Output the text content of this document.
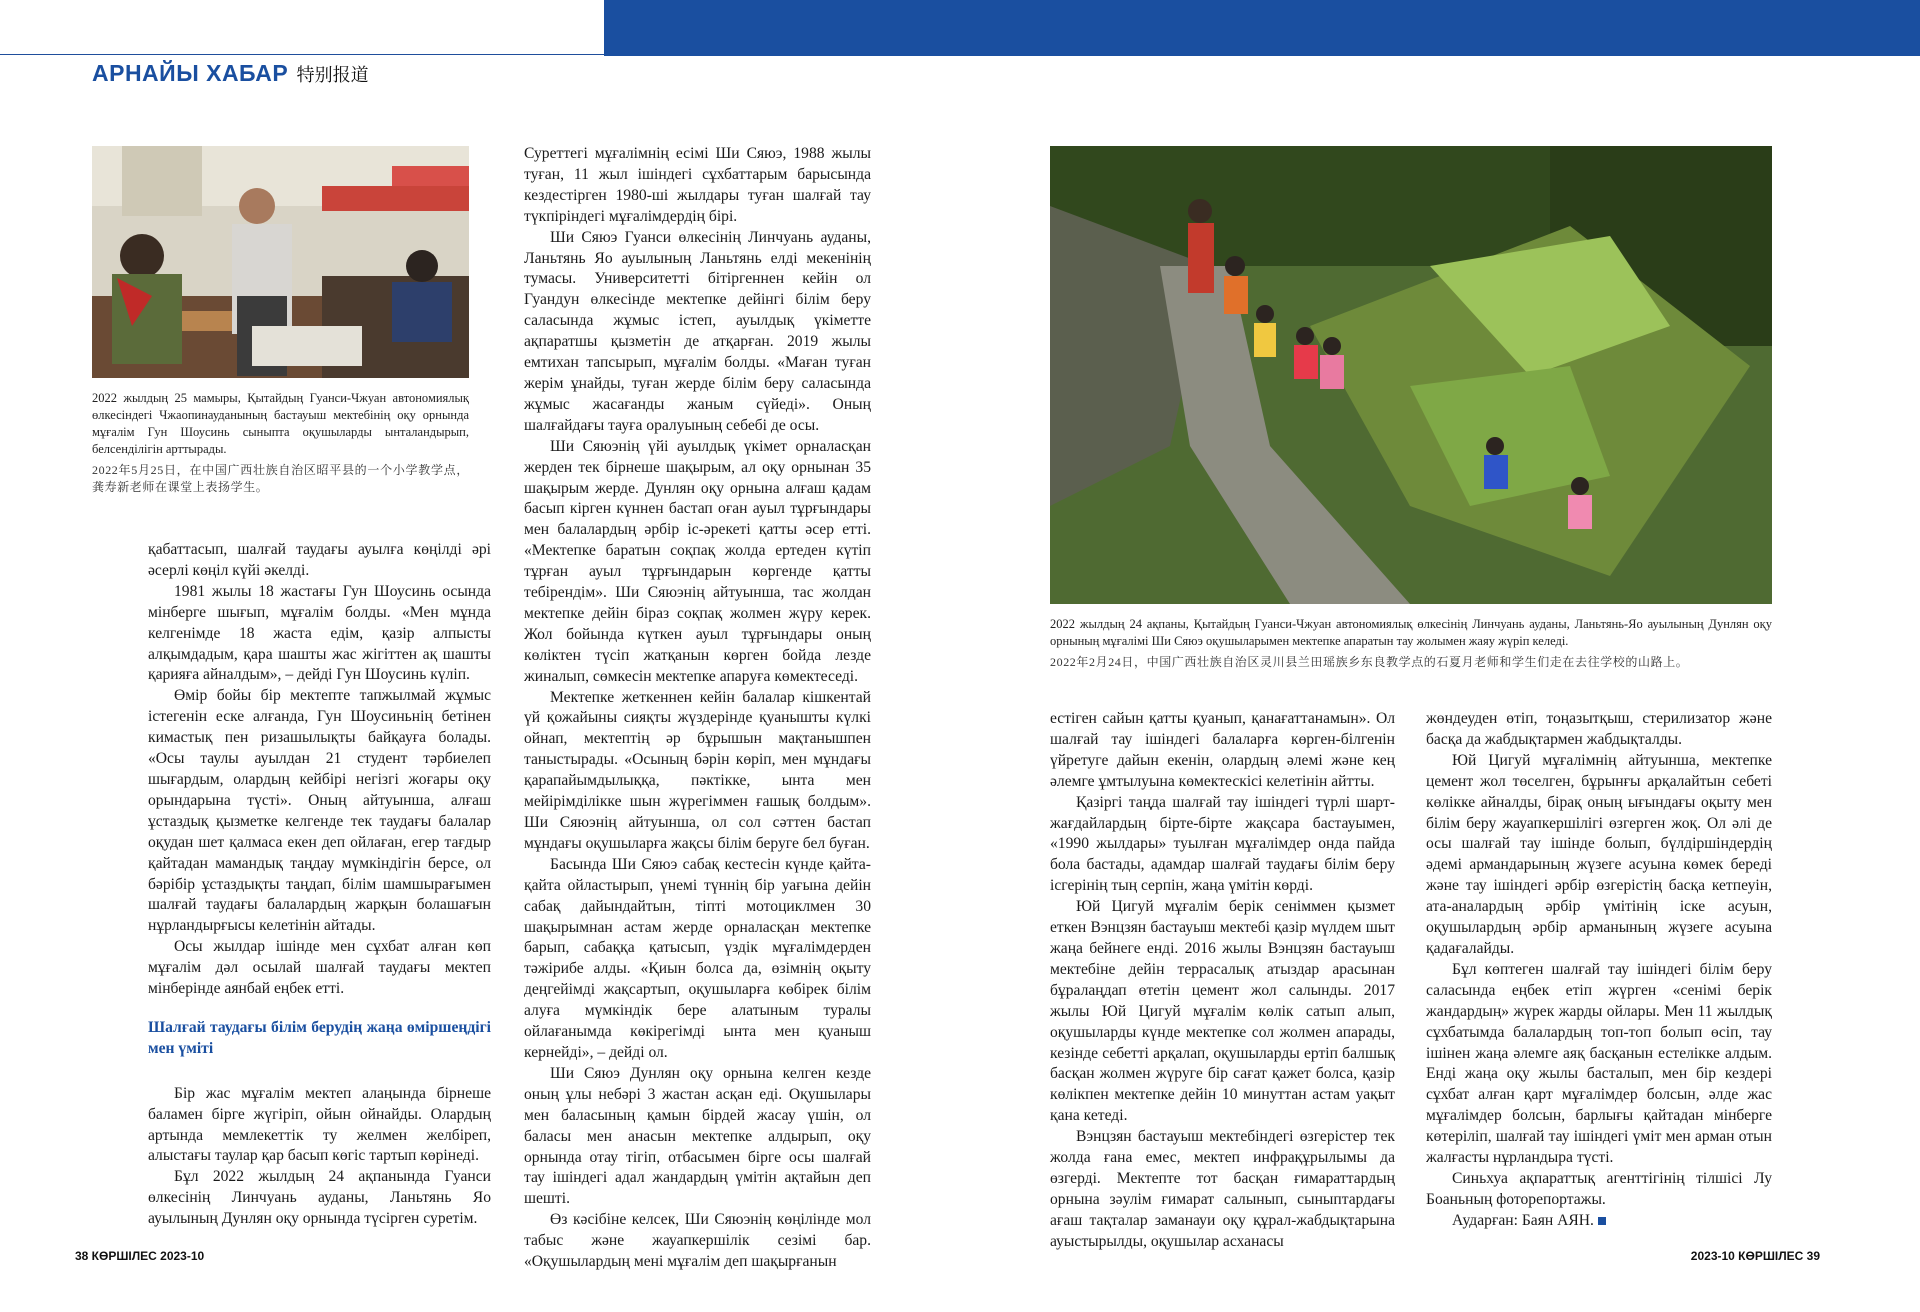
АРНАЙЫ ХАБАР 特别报道
2022 жылдың 25 мамыры, Қытайдың Гуанси-Чжуан автономиялық өлкесіндегі Чжаопинауданының бастауыш мектебінің оқу орнында мұғалім Гун Шоусинь сыныпта оқушыларды ынталандырып, белсенділігін арттырады.
2022年5月25日，在中国广西壮族自治区昭平县的一个小学教学点，龚寿新老师在课堂上表扬学生。
2022 жылдың 24 ақпаны, Қытайдың Гуанси-Чжуан автономиялық өлкесінің Линчуань ауданы, Ланьтянь-Яо ауылының Дунлян оқу орнының мұғалімі Ши Сяюэ оқушыларымен мектепке апаратын тау жолымен жаяу жүріп келеді.
2022年2月24日，中国广西壮族自治区灵川县兰田瑶族乡东良教学点的石夏月老师和学生们走在去往学校的山路上。

қабаттасып, шалғай таудағы ауылға көңілді әрі әсерлі көңіл күйі әкелді.

1981 жылы 18 жастағы Гун Шоусинь осында мінберге шығып, мұғалім болды. «Мен мұнда келгенімде 18 жаста едім, қазір алпысты алқымдадым, қара шашты жас жігіттен ақ шашты қарияға айналдым», – дейді Гун Шоусинь күліп.

Өмір бойы бір мектепте тапжылмай жұмыс істегенін еске алғанда, Гун Шоусиньнің бетінен кимастық пен ризашылықты байқауға болады. «Осы таулы ауылдан 21 студент тәрбиелеп шығардым, олардың кейбірі негізгі жоғары оқу орындарына түсті». Оның айтуынша, алғаш ұстаздық қызметке келгенде тек таудағы балалар оқудан шет қалмаса екен деп ойлаған, егер тағдыр қайтадан мамандық таңдау мүмкіндігін берсе, ол бәрібір ұстаздықты таңдап, білім шамшырағымен шалғай таудағы балалардың жарқын болашағын нұрландырғысы келетінін айтады.

Осы жылдар ішінде мен сұхбат алған көп мұғалім дәл осылай шалғай таудағы мектеп мінберінде аянбай еңбек етті.

Шалғай таудағы білім берудің жаңа өміршеңдігі мен үміті

Бір жас мұғалім мектеп алаңында бірнеше баламен бірге жүгіріп, ойын ойнайды. Олардың артында мемлекеттік ту желмен желбіреп, алыстағы таулар қар басып көгіс тартып көрінеді.

Бұл 2022 жылдың 24 ақпанында Гуанси өлкесінің Линчуань ауданы, Ланьтянь Яо ауылының Дунлян оқу орнында түсірген суретім.

Суреттегі мұғалімнің есімі Ши Сяюэ, 1988 жылы туған, 11 жыл ішіндегі сұхбаттарым барысында кездестірген 1980-ші жылдары туған шалғай тау түкпіріндегі мұғалімдердің бірі.

Ши Сяюэ Гуанси өлкесінің Линчуань ауданы, Ланьтянь Яо ауылының Ланьтянь елді мекенінің тумасы. Университетті бітіргеннен кейін ол Гуандун өлкесінде мектепке дейінгі білім беру саласында жұмыс істеп, ауылдық үкіметте ақпаратшы қызметін де атқарған. 2019 жылы емтихан тапсырып, мұғалім болды. «Маған туған жерім ұнайды, туған жерде білім беру саласында жұмыс жасағанды жаным сүйеді». Оның шалғайдағы тауға оралуының себебі де осы.

Ши Сяюэнің үйі ауылдық үкімет орналасқан жерден тек бірнеше шақырым, ал оқу орнынан 35 шақырым жерде. Дунлян оқу орнына алғаш қадам басып кірген күннен бастап оған ауыл тұрғындары мен балалардың әрбір іс-әрекеті қатты әсер етті. «Мектепке баратын соқпақ жолда ертеден күтіп тұрған ауыл тұрғындарын көргенде қатты тебірендім». Ши Сяюэнің айтуынша, тас жолдан мектепке дейін біраз соқпақ жолмен жүру керек. Жол бойында күткен ауыл тұрғындары оның көліктен түсіп жатқанын көрген бойда лезде жиналып, сөмкесін мектепке апаруға көмектеседі.

Мектепке жеткеннен кейін балалар кішкентай үй қожайыны сияқты жүздерінде қуанышты күлкі ойнап, мектептің әр бұрышын мақтанышпен таныстырады. «Осының бәрін көріп, мен мұндағы қарапайымдылыққа, пәктікке, ынта мен мейірімділікке шын жүрегіммен ғашық болдым». Ши Сяюэнің айтуынша, ол сол сәттен бастап мұндағы оқушыларға жақсы білім беруге бел буған.

Басында Ши Сяюэ сабақ кестесін күнде қайта-қайта ойластырып, үнемі түннің бір уағына дейін сабақ дайындайтын, тіпті мотоциклмен 30 шақырымнан астам жерде орналасқан мектепке барып, сабаққа қатысып, үздік мұғалімдерден тәжірибе алды. «Қиын болса да, өзімнің оқыту деңгейімді жақсартып, оқушыларға көбірек білім алуға мүмкіндік бере алатыным туралы ойлағанымда көкірегімді ынта мен қуаныш кернейді», – дейді ол.

Ши Сяюэ Дунлян оқу орнына келген кезде оның ұлы небәрі 3 жастан асқан еді. Оқушылары мен баласының қамын бірдей жасау үшін, ол баласы мен анасын мектепке алдырып, оқу орнында отау тігіп, отбасымен бірге осы шалғай тау ішіндегі адал жандардың үмітін ақтайын деп шешті.

Өз кәсібіне келсек, Ши Сяюэнің көңілінде мол табыс және жауапкершілік сезімі бар. «Оқушылардың мені мұғалім деп шақырғанын

естіген сайын қатты қуанып, қанағаттанамын». Ол шалғай тау ішіндегі балаларға көрген-білгенін үйретуге дайын екенін, олардың әлемі және кең әлемге ұмтылуына көмектескісі келетінін айтты.

Қазіргі таңда шалғай тау ішіндегі түрлі шарт-жағдайлардың бірте-бірте жақсара бастауымен, «1990 жылдары» туылған мұғалімдер онда пайда бола бастады, адамдар шалғай таудағы білім беру ісгерінің тың серпін, жаңа үмітін көрді.

Юй Цигуй мұғалім берік сеніммен қызмет еткен Вэнцзян бастауыш мектебі қазір мүлдем шыт жаңа бейнеге енді. 2016 жылы Вэнцзян бастауыш мектебіне дейін террасалық атыздар арасынан бұралаңдап өтетін цемент жол салынды. 2017 жылы Юй Цигуй мұғалім көлік сатып алып, оқушыларды күнде мектепке сол жолмен апарады, кезінде себетті арқалап, оқушыларды ертіп балшық басқан жолмен жүруге бір сағат қажет болса, қазір көлікпен мектепке дейін 10 минуттан астам уақыт қана кетеді.

Вэнцзян бастауыш мектебіндегі өзгерістер тек жолда ғана емес, мектеп инфрақұрылымы да өзгерді. Мектепте тот басқан ғимараттардың орнына зәулім ғимарат салынып, сыныптардағы ағаш тақталар заманауи оқу құрал-жабдықтарына ауыстырылды, оқушылар асханасы

жөндеуден өтіп, тоңазытқыш, стерилизатор және басқа да жабдықтармен жабдықталды.

Юй Цигуй мұғалімнің айтуынша, мектепке цемент жол төселген, бұрынғы арқалайтын себеті көлікке айналды, бірақ оның ығындағы оқыту мен білім беру жауапкершілігі өзгерген жоқ. Ол әлі де осы шалғай тау ішінде болып, бүлдіршіндердің әдемі армандарының жүзеге асуына көмек береді және тау ішіндегі әрбір өзгерістің басқа кетпеуін, ата-аналардың әрбір үмітінің іске асуын, оқушылардың әрбір арманының жүзеге асуына қадағалайды.

Бұл көптеген шалғай тау ішіндегі білім беру саласында еңбек етіп жүрген «сенімі берік жандардың» жүрек жарды ойлары. Мен 11 жылдық сұхбатымда балалардың топ-топ болып өсіп, тау ішінен жаңа әлемге аяқ басқанын естелікке алдым. Енді жаңа оқу жылы басталып, мен бір кездері сұхбат алған қарт мұғалімдер болсын, әлде жас мұғалімдер болсын, барлығы қайтадан мінберге көтеріліп, шалғай тау ішіндегі үміт мен арман отын жалғасты нұрландыра түсті.

Синьхуа ақпараттық агенттігінің тілшісі Лу Боаньның фоторепортажы.

Аударған: Баян АЯН.

38 КӨРШІЛЕС 2023-10	2023-10 КӨРШІЛЕС 39
